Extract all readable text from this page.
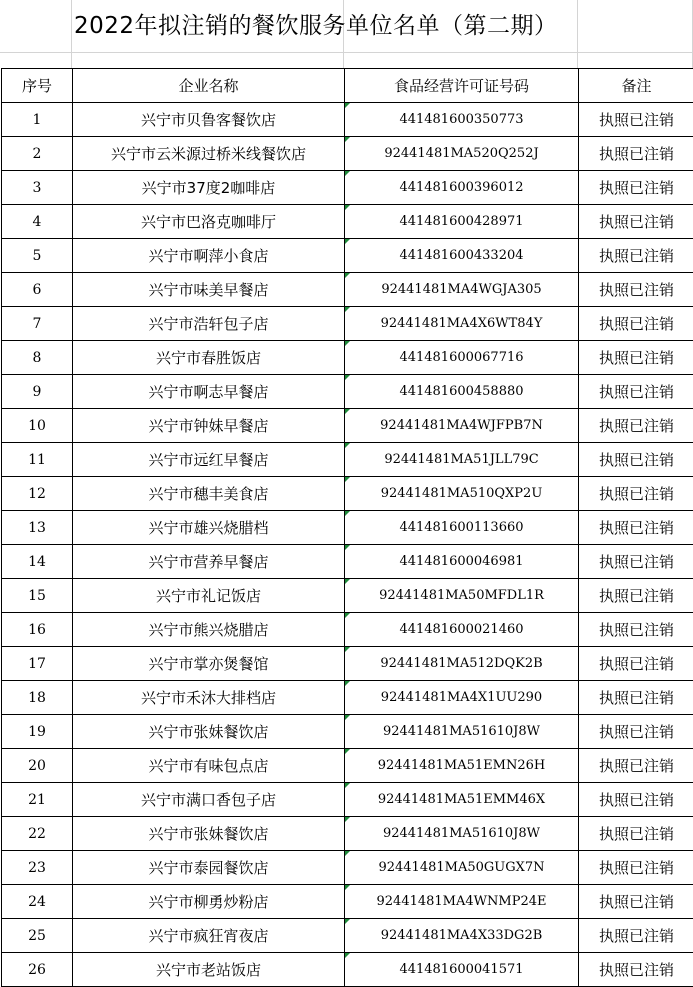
2022年拟注销的餐饮服务单位名单（第二期）
序号	企业名称	食品经营许可证号码	备注
1	兴宁市贝鲁客餐饮店	441481600350773	执照已注销
2	兴宁市云米源过桥米线餐饮店	92441481MA520Q252J	执照已注销
3	兴宁市37度2咖啡店	441481600396012	执照已注销
4	兴宁市巴洛克咖啡厅	441481600428971	执照已注销
5	兴宁市啊萍小食店	441481600433204	执照已注销
6	兴宁市味美早餐店	92441481MA4WGJA305	执照已注销
7	兴宁市浩轩包子店	92441481MA4X6WT84Y	执照已注销
8	兴宁市春胜饭店	441481600067716	执照已注销
9	兴宁市啊志早餐店	441481600458880	执照已注销
10	兴宁市钟妹早餐店	92441481MA4WJFPB7N	执照已注销
11	兴宁市远红早餐店	92441481MA51JLL79C	执照已注销
12	兴宁市穗丰美食店	92441481MA510QXP2U	执照已注销
13	兴宁市雄兴烧腊档	441481600113660	执照已注销
14	兴宁市营养早餐店	441481600046981	执照已注销
15	兴宁市礼记饭店	92441481MA50MFDL1R	执照已注销
16	兴宁市熊兴烧腊店	441481600021460	执照已注销
17	兴宁市掌亦煲餐馆	92441481MA512DQK2B	执照已注销
18	兴宁市禾沐大排档店	92441481MA4X1UU290	执照已注销
19	兴宁市张妹餐饮店	92441481MA51610J8W	执照已注销
20	兴宁市有味包点店	92441481MA51EMN26H	执照已注销
21	兴宁市满口香包子店	92441481MA51EMM46X	执照已注销
22	兴宁市张妹餐饮店	92441481MA51610J8W	执照已注销
23	兴宁市泰园餐饮店	92441481MA50GUGX7N	执照已注销
24	兴宁市柳勇炒粉店	92441481MA4WNMP24E	执照已注销
25	兴宁市疯狂宵夜店	92441481MA4X33DG2B	执照已注销
26	兴宁市老站饭店	441481600041571	执照已注销
